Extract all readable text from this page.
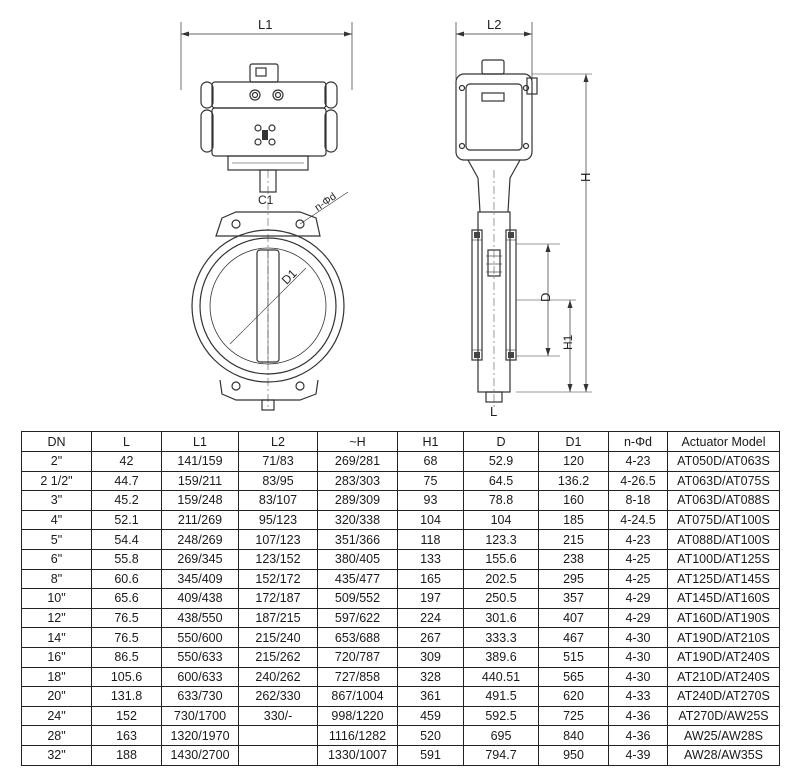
L1
C1
D1
n-Φd
L2
H
D
H1
L
DN	L	L1	L2	~H	H1	D	D1	n-Φd	Actuator Model
2"	42	141/159	71/83	269/281	68	52.9	120	4-23	AT050D/AT063S
2 1/2"	44.7	159/211	83/95	283/303	75	64.5	136.2	4-26.5	AT063D/AT075S
3"	45.2	159/248	83/107	289/309	93	78.8	160	8-18	AT063D/AT088S
4"	52.1	211/269	95/123	320/338	104	104	185	4-24.5	AT075D/AT100S
5"	54.4	248/269	107/123	351/366	118	123.3	215	4-23	AT088D/AT100S
6"	55.8	269/345	123/152	380/405	133	155.6	238	4-25	AT100D/AT125S
8"	60.6	345/409	152/172	435/477	165	202.5	295	4-25	AT125D/AT145S
10"	65.6	409/438	172/187	509/552	197	250.5	357	4-29	AT145D/AT160S
12"	76.5	438/550	187/215	597/622	224	301.6	407	4-29	AT160D/AT190S
14"	76.5	550/600	215/240	653/688	267	333.3	467	4-30	AT190D/AT210S
16"	86.5	550/633	215/262	720/787	309	389.6	515	4-30	AT190D/AT240S
18"	105.6	600/633	240/262	727/858	328	440.51	565	4-30	AT210D/AT240S
20"	131.8	633/730	262/330	867/1004	361	491.5	620	4-33	AT240D/AT270S
24"	152	730/1700	330/-	998/1220	459	592.5	725	4-36	AT270D/AW25S
28"	163	1320/1970		1116/1282	520	695	840	4-36	AW25/AW28S
32"	188	1430/2700		1330/1007	591	794.7	950	4-39	AW28/AW35S
